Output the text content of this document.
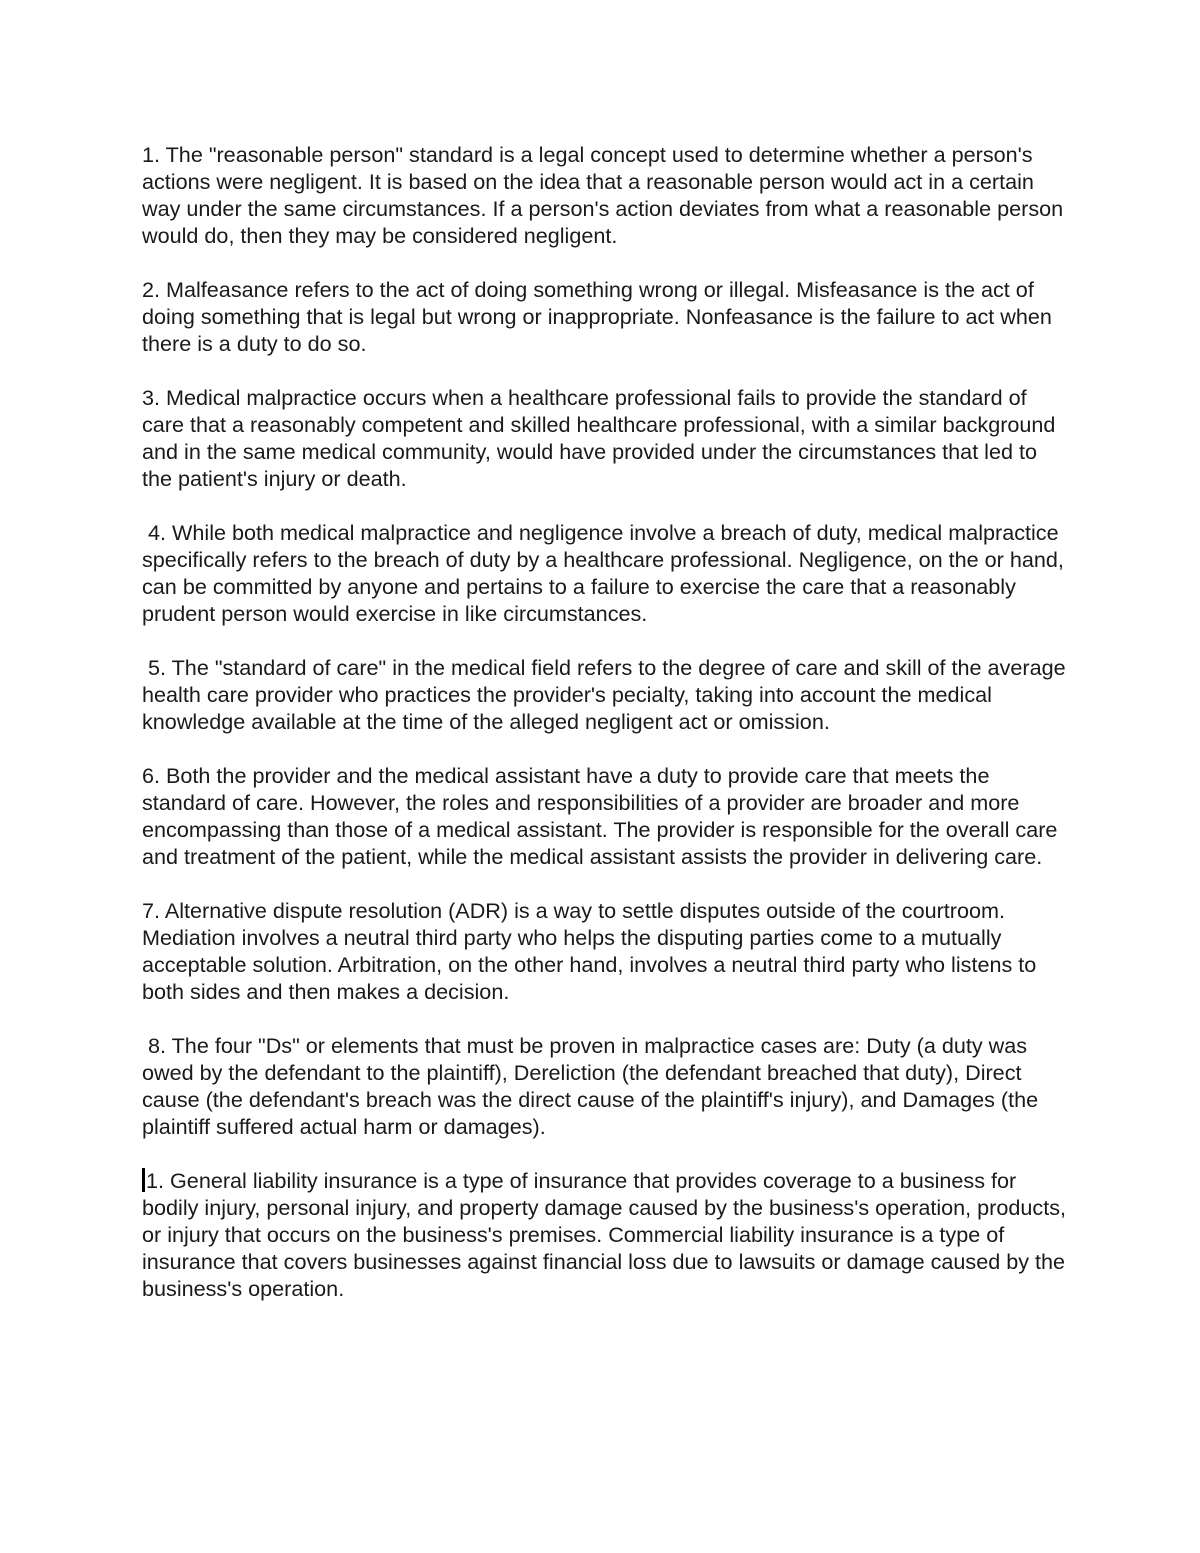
1. The "reasonable person" standard is a legal concept used to determine whether a person's actions were negligent. It is based on the idea that a reasonable person would act in a certain way under the same circumstances. If a person's action deviates from what a reasonable person would do, then they may be considered negligent.

2. Malfeasance refers to the act of doing something wrong or illegal. Misfeasance is the act of doing something that is legal but wrong or inappropriate. Nonfeasance is the failure to act when there is a duty to do so.

3. Medical malpractice occurs when a healthcare professional fails to provide the standard of care that a reasonably competent and skilled healthcare professional, with a similar background and in the same medical community, would have provided under the circumstances that led to the patient's injury or death.

4. While both medical malpractice and negligence involve a breach of duty, medical malpractice specifically refers to the breach of duty by a healthcare professional. Negligence, on the or hand, can be committed by anyone and pertains to a failure to exercise the care that a reasonably prudent person would exercise in like circumstances.

5. The "standard of care" in the medical field refers to the degree of care and skill of the average health care provider who practices the provider's pecialty, taking into account the medical knowledge available at the time of the alleged negligent act or omission.

6. Both the provider and the medical assistant have a duty to provide care that meets the standard of care. However, the roles and responsibilities of a provider are broader and more encompassing than those of a medical assistant. The provider is responsible for the overall care and treatment of the patient, while the medical assistant assists the provider in delivering care.

7. Alternative dispute resolution (ADR) is a way to settle disputes outside of the courtroom. Mediation involves a neutral third party who helps the disputing parties come to a mutually acceptable solution. Arbitration, on the other hand, involves a neutral third party who listens to both sides and then makes a decision.

8. The four "Ds" or elements that must be proven in malpractice cases are: Duty (a duty was owed by the defendant to the plaintiff), Dereliction (the defendant breached that duty), Direct cause (the defendant's breach was the direct cause of the plaintiff's injury), and Damages (the plaintiff suffered actual harm or damages).

1. General liability insurance is a type of insurance that provides coverage to a business for bodily injury, personal injury, and property damage caused by the business's operation, products, or injury that occurs on the business's premises. Commercial liability insurance is a type of insurance that covers businesses against financial loss due to lawsuits or damage caused by the business's operation.
